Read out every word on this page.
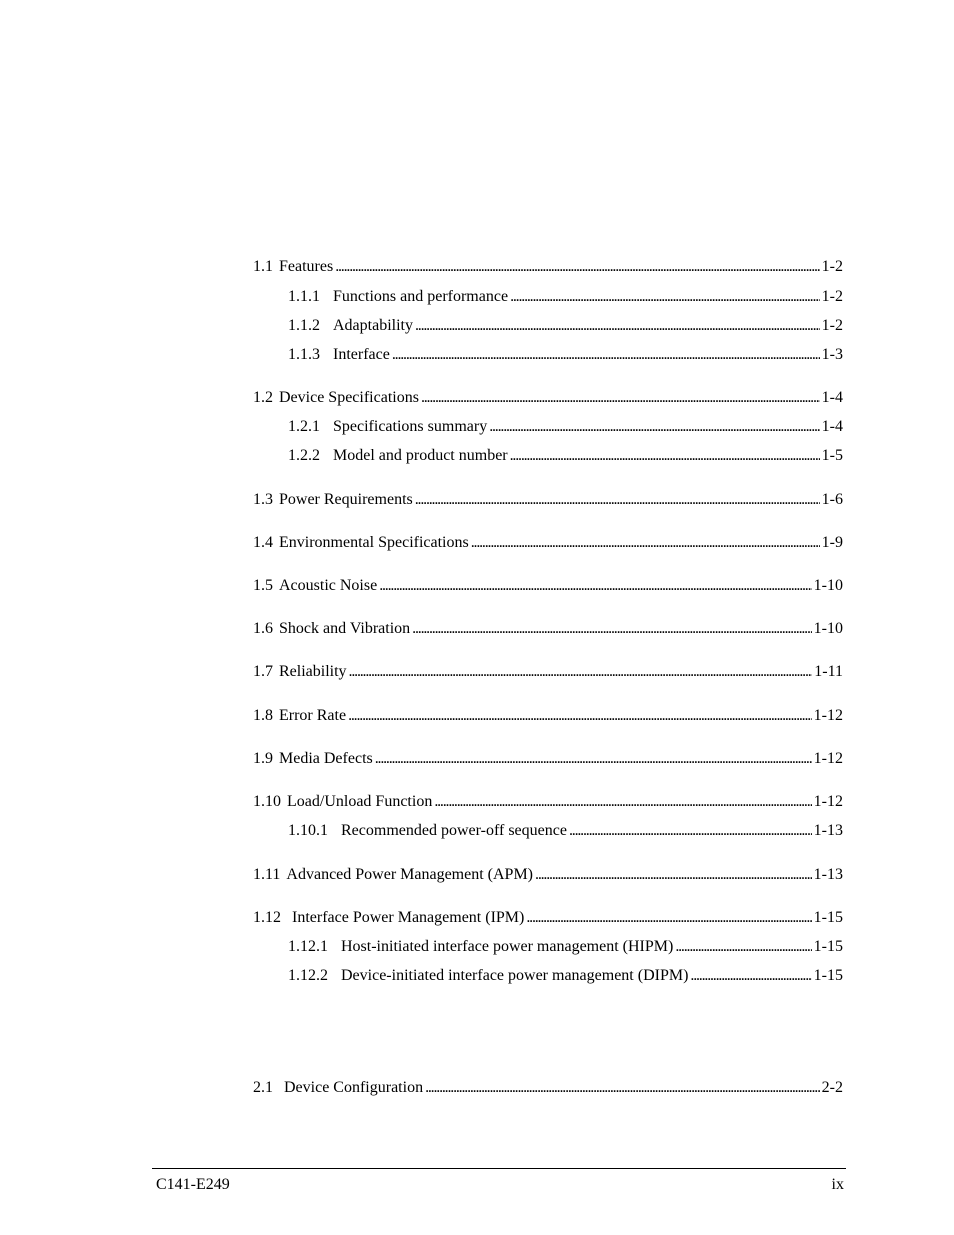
1.1 Features . . .	1-2
1.1.1 Functions and performance . . .	1-2
1.1.2 Adaptability . . .	1-2
1.1.3 Interface . . .	1-3
1.2 Device Specifications . . .	1-4
1.2.1 Specifications summary . . .	1-4
1.2.2 Model and product number . . .	1-5
1.3 Power Requirements . . .	1-6
1.4 Environmental Specifications . . .	1-9
1.5 Acoustic Noise . . .	1-10
1.6 Shock and Vibration . . .	1-10
1.7 Reliability . . .	1-11
1.8 Error Rate . . .	1-12
1.9 Media Defects . . .	1-12
1.10 Load/Unload Function . . .	1-12
1.10.1 Recommended power-off sequence . . .	1-13
1.11 Advanced Power Management (APM) . . .	1-13
1.12 Interface Power Management (IPM) . . .	1-15
1.12.1 Host-initiated interface power management (HIPM) . . .	1-15
1.12.2 Device-initiated interface power management (DIPM) . . .	1-15
2.1 Device Configuration . . .	2-2
C141-E249	ix
